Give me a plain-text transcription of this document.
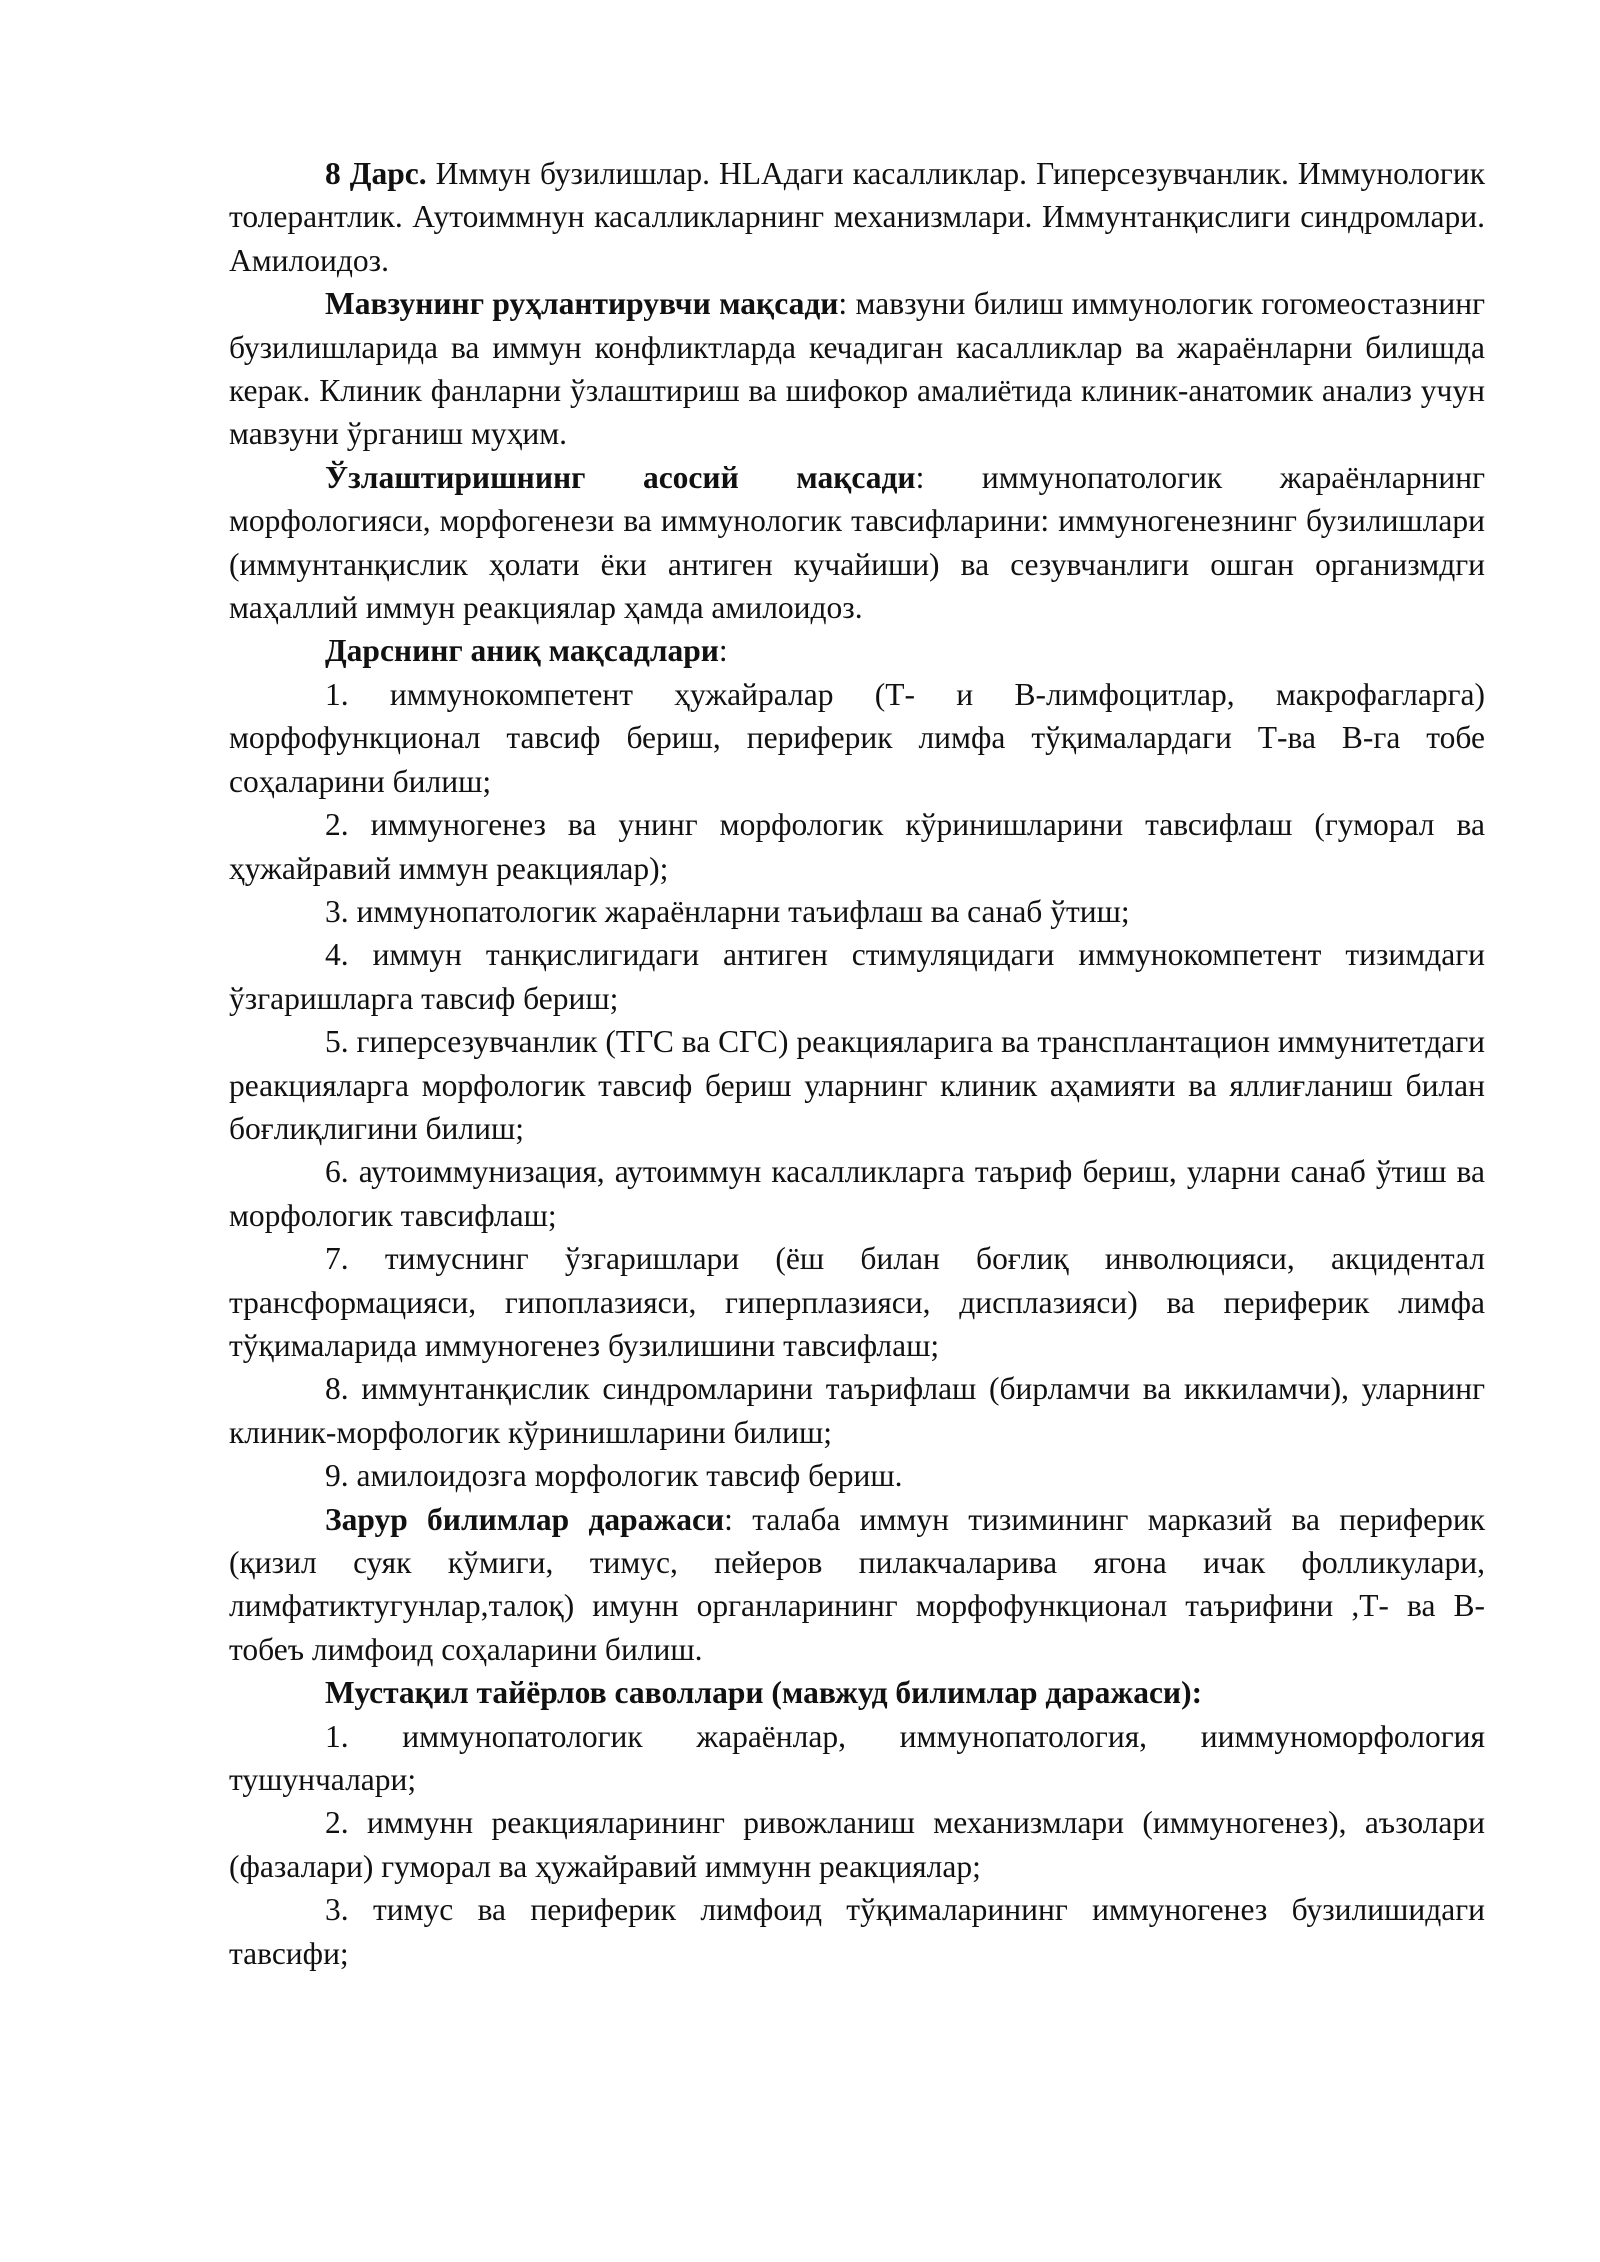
8 Дарс. Иммун бузилишлар. HLAдаги касалликлар. Гиперсезувчанлик. Иммунологик толерантлик. Аутоиммнун касалликларнинг механизмлари. Иммунтанқислиги синдромлари. Амилоидоз.

Мавзунинг руҳлантирувчи мақсади: мавзуни билиш иммунологик гогомеостазнинг бузилишларида ва иммун конфликтларда кечадиган касалликлар ва жараёнларни билишда керак. Клиник фанларни ўзлаштириш ва шифокор амалиётида клиник-анатомик анализ учун мавзуни ўрганиш муҳим.

Ўзлаштиришнинг асосий мақсади: иммунопатологик жараёнларнинг морфологияси, морфогенези ва иммунологик тавсифларини: иммуногенезнинг бузилишлари (иммунтанқислик ҳолати ёки антиген кучайиши) ва сезувчанлиги ошган организмдги маҳаллий иммун реакциялар ҳамда амилоидоз.

Дарснинг аниқ мақсадлари:

1. иммунокомпетент ҳужайралар (Т- и В-лимфоцитлар, макрофагларга) морфофункционал тавсиф бериш, периферик лимфа тўқималардаги Т-ва В-га тобе соҳаларини билиш;

2. иммуногенез ва унинг морфологик кўринишларини тавсифлаш (гуморал ва ҳужайравий иммун реакциялар);

3. иммунопатологик жараёнларни таъифлаш ва санаб ўтиш;

4. иммун танқислигидаги антиген стимуляцидаги иммунокомпетент тизимдаги ўзгаришларга тавсиф бериш;

5. гиперсезувчанлик (ТГС ва СГС) реакцияларига ва трансплантацион иммунитетдаги реакцияларга морфологик тавсиф бериш уларнинг клиник аҳамияти ва яллиғланиш билан боғлиқлигини билиш;

6. аутоиммунизация, аутоиммун касалликларга таъриф бериш, уларни санаб ўтиш ва морфологик тавсифлаш;

7. тимуснинг ўзгаришлари (ёш билан боғлиқ инволюцияси, акцидентал трансформацияси, гипоплазияси, гиперплазияси, дисплазияси) ва периферик лимфа тўқималарида иммуногенез бузилишини тавсифлаш;

8. иммунтанқислик синдромларини таърифлаш (бирламчи ва иккиламчи), уларнинг клиник-морфологик кўринишларини билиш;

9. амилоидозга морфологик тавсиф бериш.

Зарур билимлар даражаси: талаба иммун тизимининг марказий ва периферик (қизил суяк кўмиги, тимус, пейеров пилакчаларива ягона ичак фолликулари, лимфатиктугунлар,талоқ) имунн органларининг морфофункционал таърифини ,Т- ва В-тобеъ лимфоид соҳаларини билиш.

Мустақил тайёрлов саволлари (мавжуд билимлар даражаси):

1. иммунопатологик жараёнлар, иммунопатология, ииммуноморфология тушунчалари;

2. иммунн реакцияларининг ривожланиш механизмлари (иммуногенез), аъзолари (фазалари) гуморал ва ҳужайравий иммунн реакциялар;

3. тимус ва периферик лимфоид тўқималарининг иммуногенез бузилишидаги тавсифи;
